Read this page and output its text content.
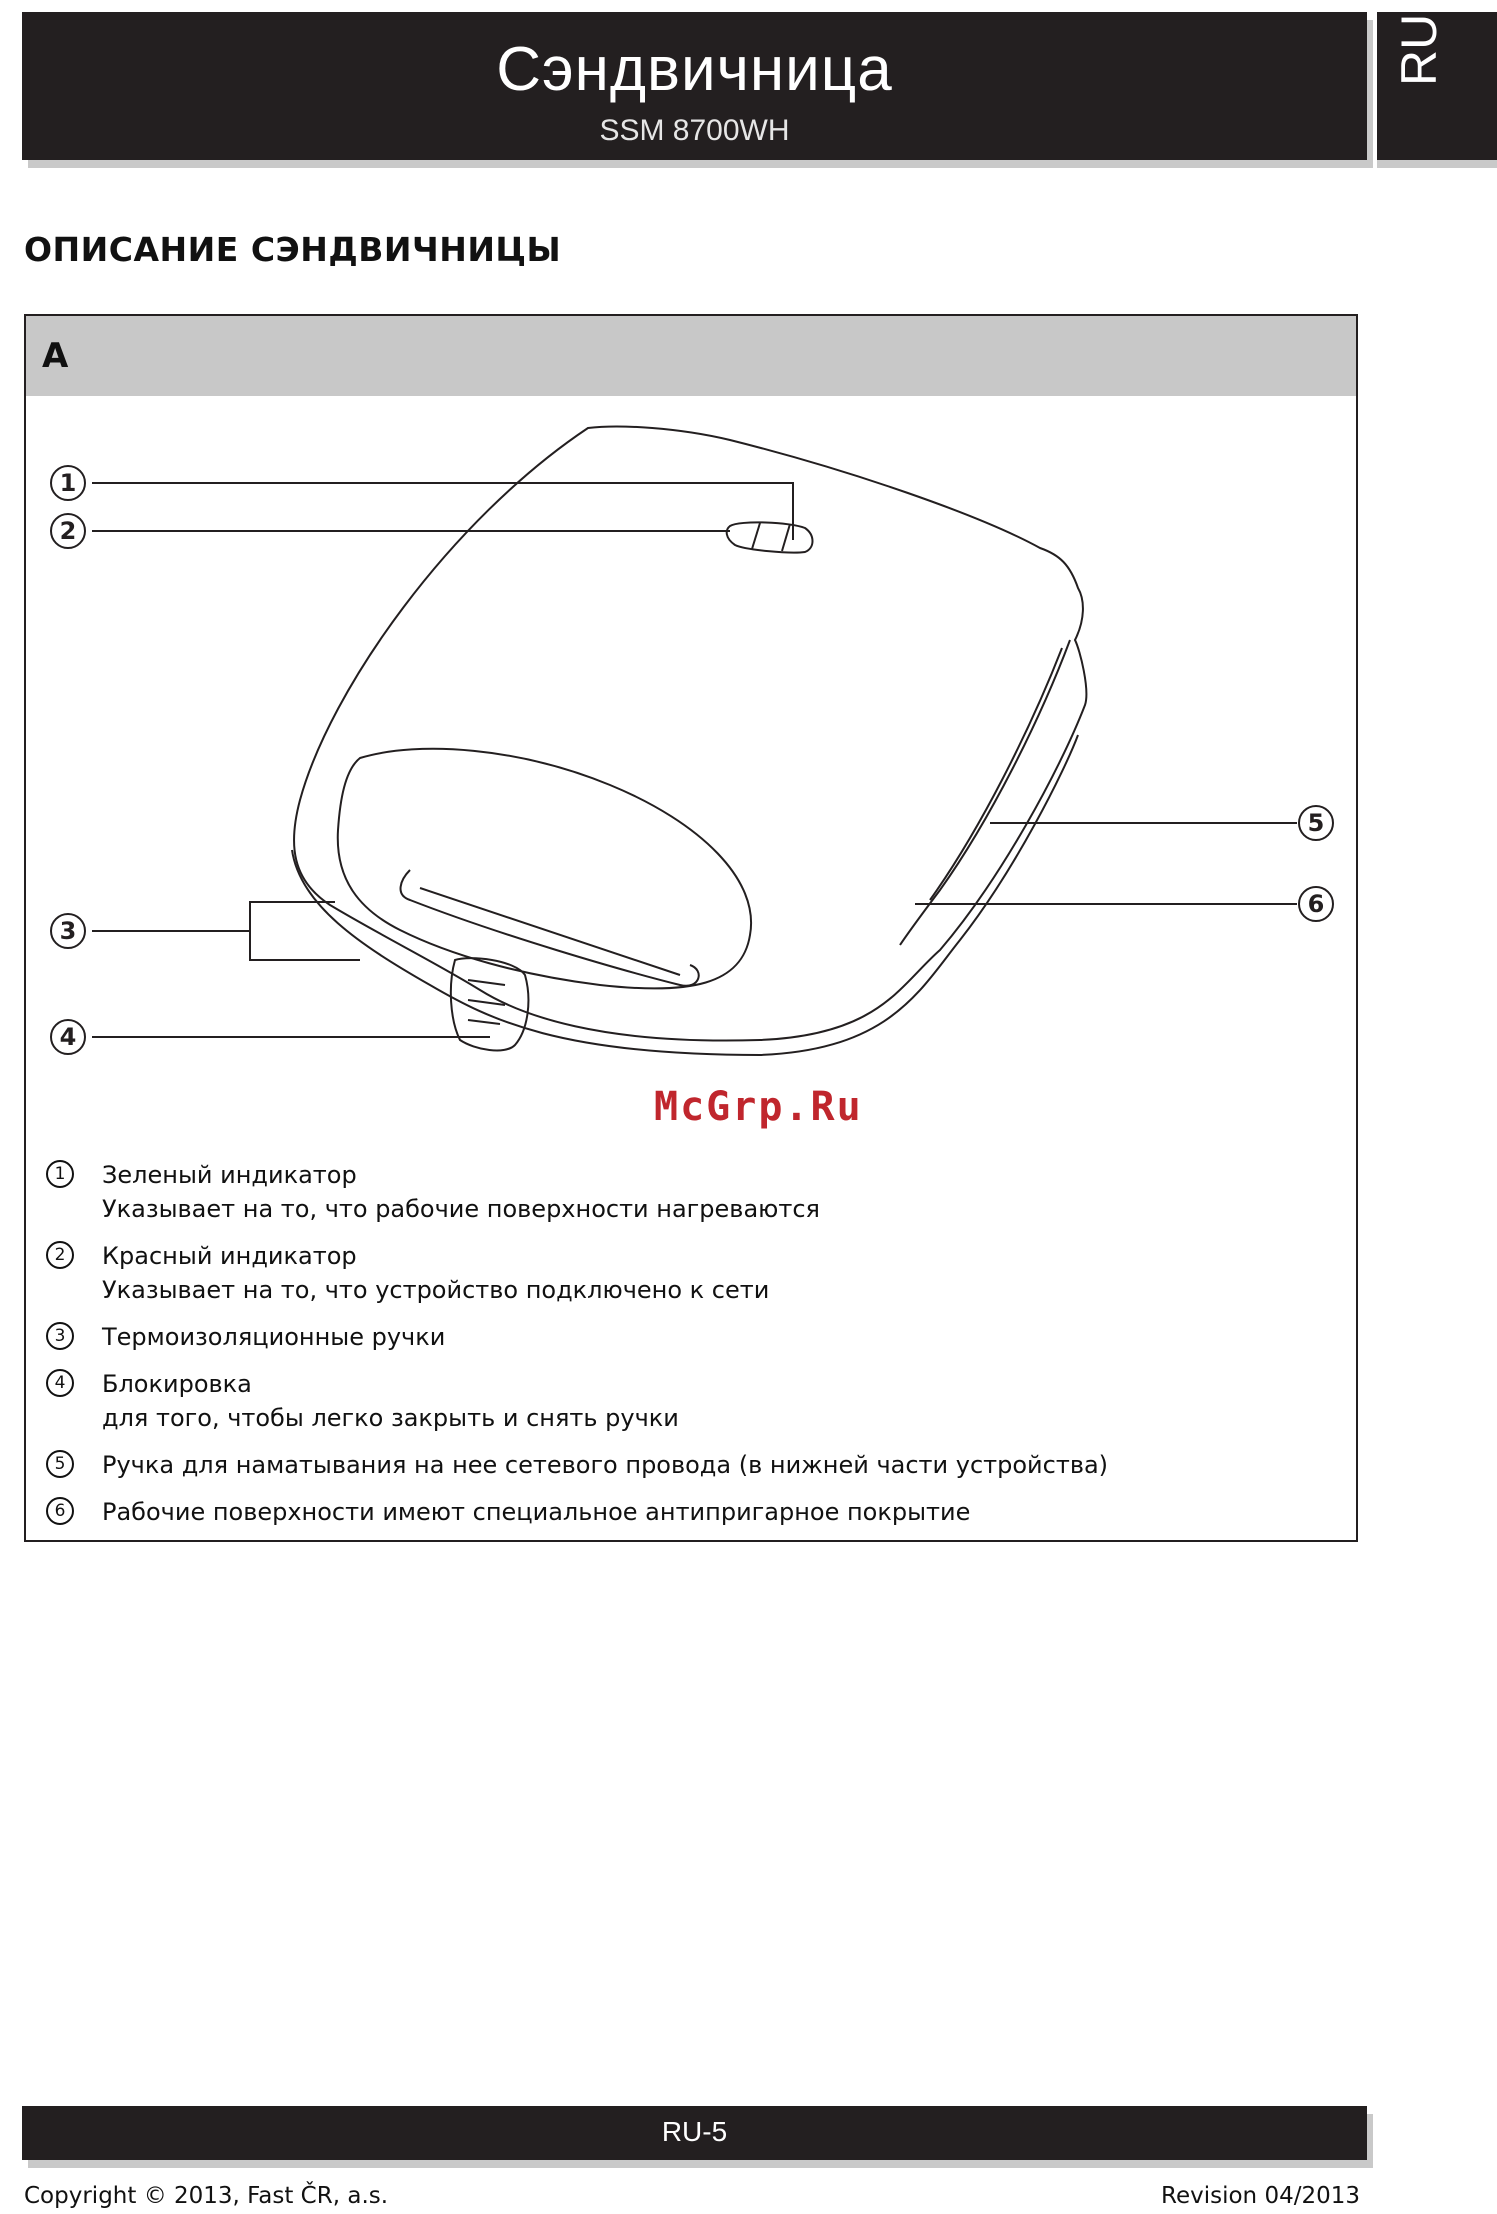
Сэндвичница
SSM 8700WH
RU
ОПИСАНИЕ СЭНДВИЧНИЦЫ
A
1
2
3
4
5
6
McGrp.Ru
1	Зеленый индикатор
Указывает на то, что рабочие поверхности нагреваются
2	Красный индикатор
Указывает на то, что устройство подключено к сети
3	Термоизоляционные ручки
4	Блокировка
для того, чтобы легко закрыть и снять ручки
5	Ручка для наматывания на нее сетевого провода (в нижней части устройства)
6	Рабочие поверхности имеют специальное антипригарное покрытие
RU-5
Copyright © 2013, Fast ČR, a.s.	Revision 04/2013
